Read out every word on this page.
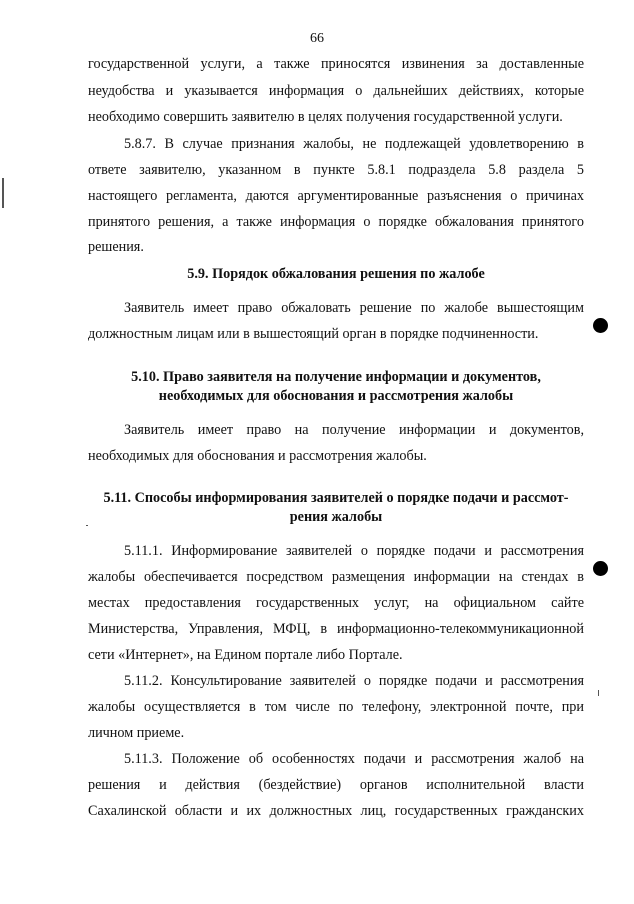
66
государственной услуги, а также приносятся извинения за доставленные
неудобства и указывается информация о дальнейших действиях, которые
необходимо совершить заявителю в целях получения государственной услуги.
5.8.7. В случае признания жалобы, не подлежащей удовлетворению в
ответе заявителю, указанном в пункте 5.8.1 подраздела 5.8 раздела 5
настоящего регламента, даются аргументированные разъяснения о причинах
принятого решения, а также информация о порядке обжалования принятого
решения.
5.9. Порядок обжалования решения по жалобе
Заявитель имеет право обжаловать решение по жалобе вышестоящим
должностным лицам или в вышестоящий орган в порядке подчиненности.
5.10. Право заявителя на получение информации и документов,
необходимых для обоснования и рассмотрения жалобы
Заявитель имеет право на получение информации и документов,
необходимых для обоснования и рассмотрения жалобы.
5.11. Способы информирования заявителей о порядке подачи и рассмот-
рения жалобы
5.11.1. Информирование заявителей о порядке подачи и рассмотрения
жалобы обеспечивается посредством размещения информации на стендах в
местах предоставления государственных услуг, на официальном сайте
Министерства, Управления, МФЦ, в информационно-телекоммуникационной
сети «Интернет», на Едином портале либо Портале.
5.11.2. Консультирование заявителей о порядке подачи и рассмотрения
жалобы осуществляется в том числе по телефону, электронной почте, при
личном приеме.
5.11.3. Положение об особенностях подачи и рассмотрения жалоб на
решения и действия (бездействие) органов исполнительной власти
Сахалинской области и их должностных лиц, государственных гражданских
